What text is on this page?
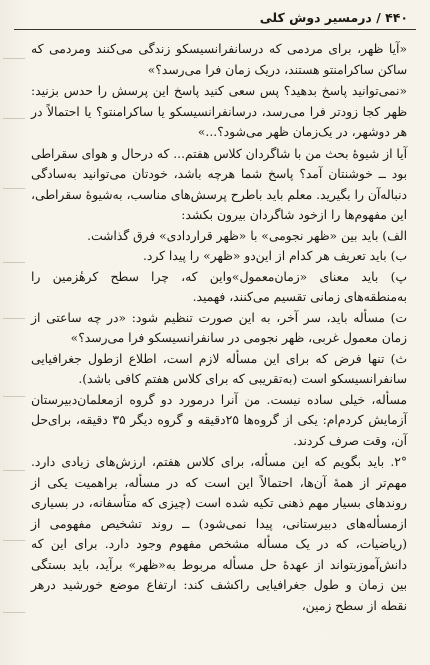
۴۴۰ / درمسیر دوش کلی

«آیا ظهر، برای مردمی که درسانفرانسیسکو زندگی می‌کنند ومردمی که ساکن ساکرامنتو هستند، دریک زمان فرا می‌رسد؟»

«نمی‌توانید پاسخ بدهید؟ پس سعی کنید پاسخ این پرسش را حدس بزنید: ظهر کجا زودتر فرا می‌رسد، درسانفرانسیسکو یا ساکرامنتو؟ یا احتمالاً در هر دوشهر، در یک‌زمان ظهر می‌شود؟...»

آیا از شیوهٔ بحث من با شاگردان کلاس هفتم... که درحال و هوای سقراطی بود ــ خوشنتان آمد؟ پاسخ شما هرچه باشد، خودتان می‌توانید به‌سادگی دنباله‌آن را بگیرید. معلم باید باطرح پرسش‌های مناسب، به‌شیوهٔ سقراطی، این مفهوم‌ها را ازخود شاگردان بیرون بکشد:

الف) باید بین «ظهر نجومی» با «ظهر قراردادی» فرق گذاشت.

ب) باید تعریف هر کدام از این‌دو «ظهر» را پیدا کرد.

پ) باید معنای «زمان‌معمول»واین که، چرا سطح کرهٔزمین را به‌منطقه‌های زمانی تقسیم می‌کنند، فهمید.

ت) مسأله باید، سر آخر، به این صورت تنظیم شود: «در چه ساعتی از زمان معمول غربی، ظهر نجومی در سانفرانسیسکو فرا می‌رسد؟»

ث) تنها فرض که برای این مسأله لازم است، اطلاع ازطول جغرافیایی سانفرانسیسکو است (به‌تقریبی که برای کلاس هفتم کافی باشد).

مسأله، خیلی ساده نیست. من آنرا درمورد دو گروه ازمعلمان‌دبیرستان آزمایش کردم‌ام: یکی از گروه‌ها ۲۵دقیقه و گروه دیگر ۳۵ دقیقه، برای‌حل آن، وقت صرف کردند.

۲°. باید بگویم که این مسأله، برای کلاس هفتم، ارزش‌های زیادی دارد. مهم‌تر از همهٔ آن‌ها، احتمالاً این است که در مسأله، براهمیت یکی از روندهای بسیار مهم ذهنی تکیه شده است (چیزی که متأسفانه، در بسیاری ازمسأله‌های دبیرستانی، پیدا نمی‌شود) ــ روند تشخیص مفهومی از (ریاضیات، که در یک مسأله مشخص مفهوم وجود دارد. برای این که دانش‌آموزبتواند از عهدهٔ حل مسأله مربوط به«ظهر» برآید، باید بستگی بین زمان و طول جغرافیایی راکشف کند: ارتفاع موضع خورشید درهر نقطه از سطح زمین،
